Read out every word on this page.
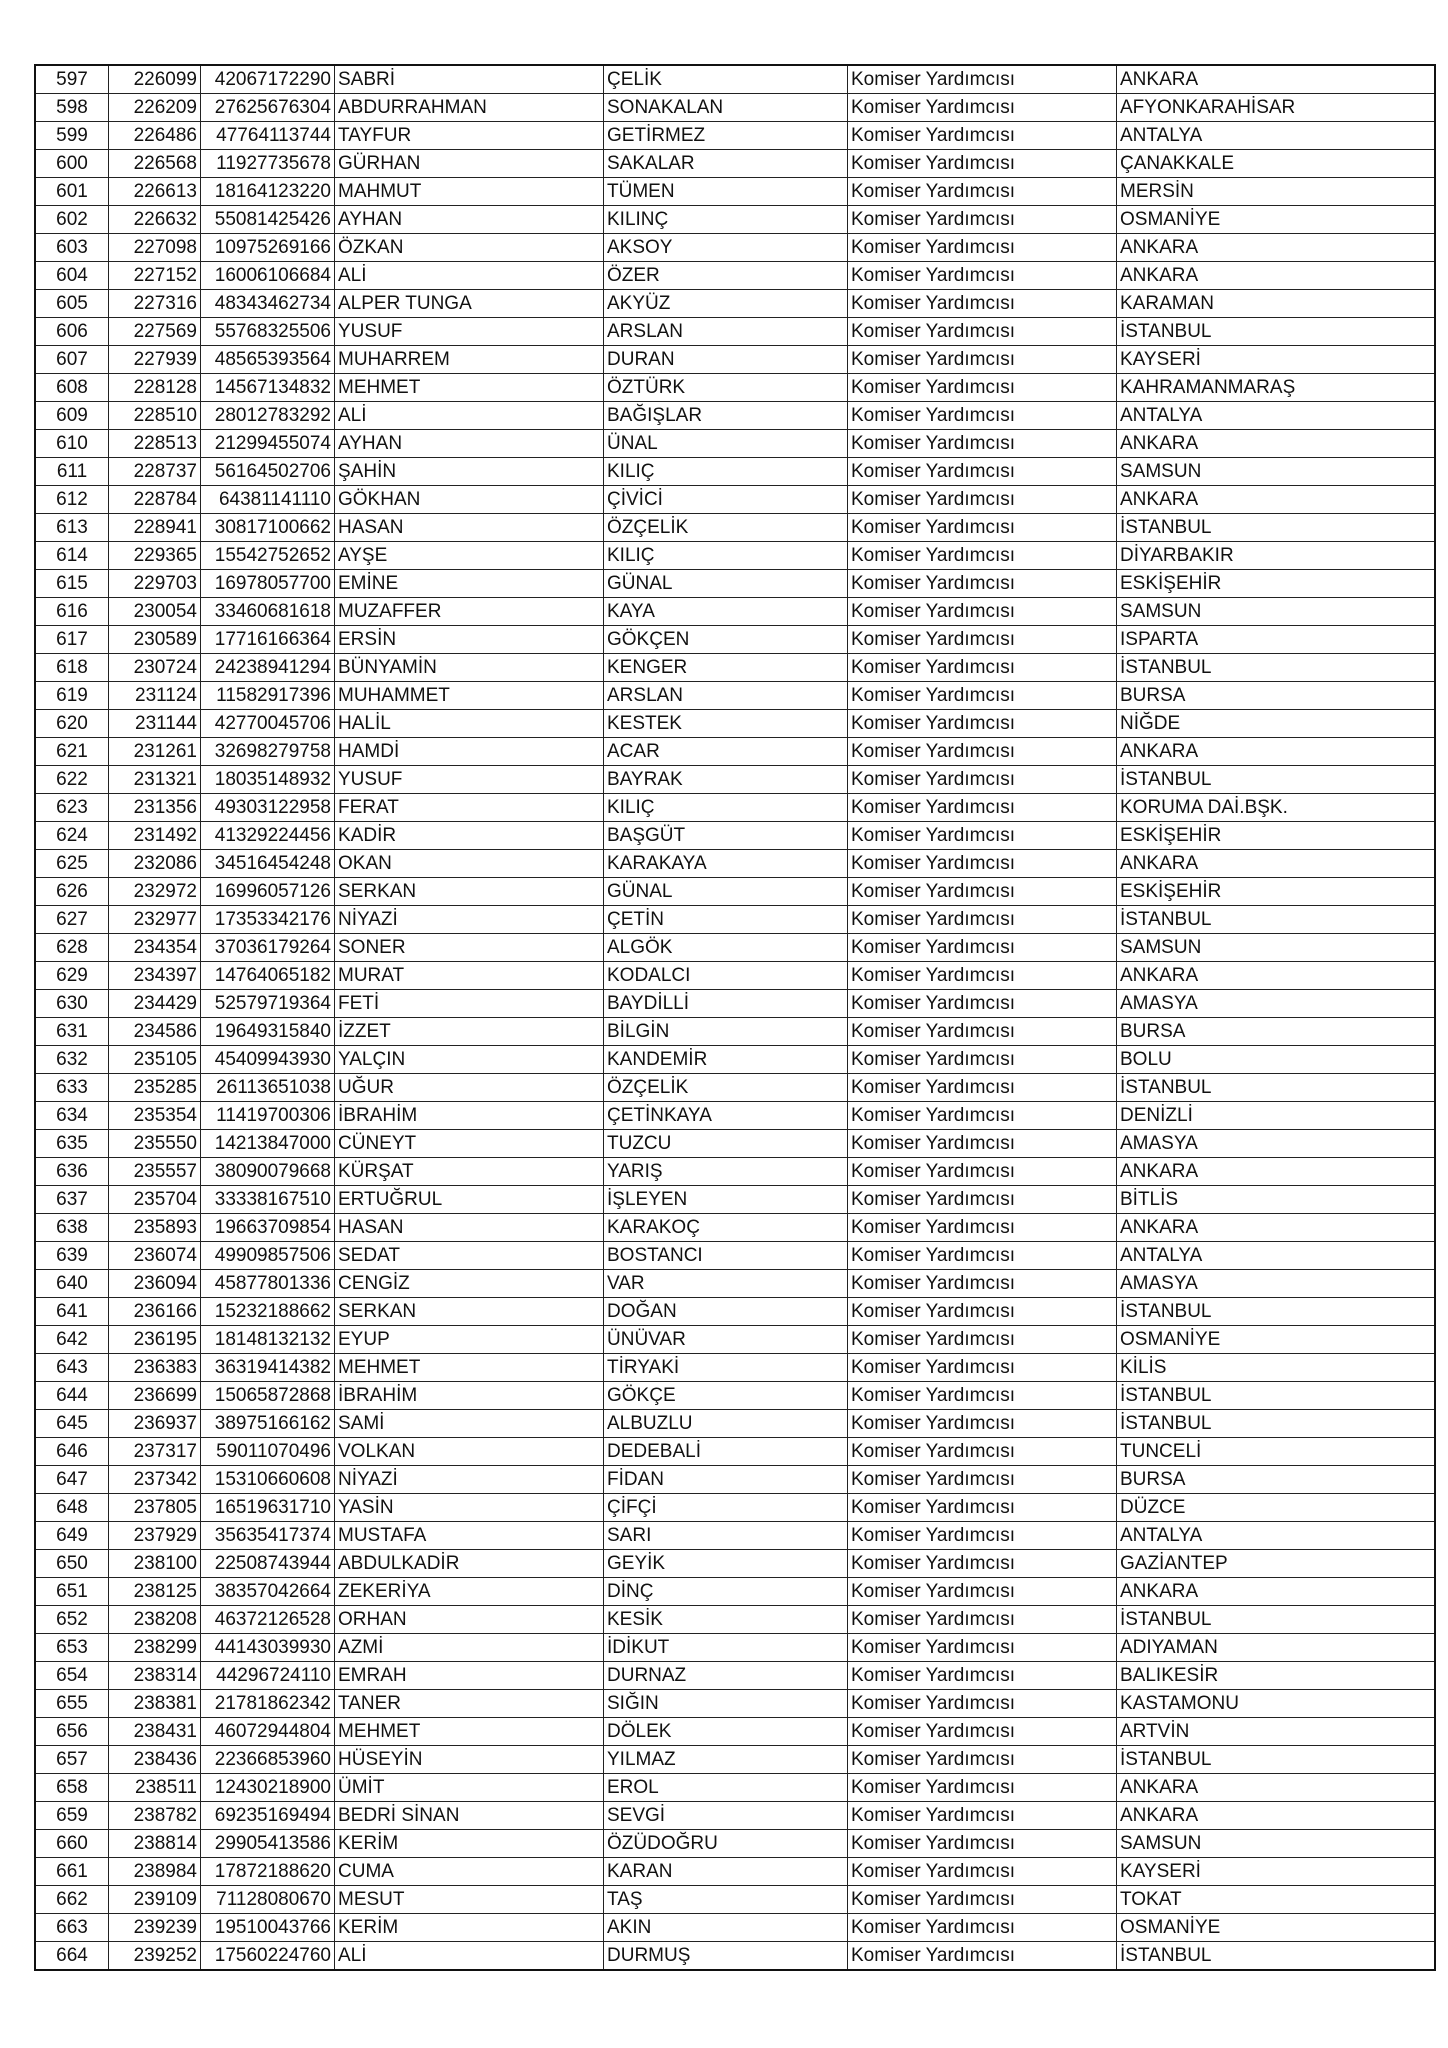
597	226099	42067172290	SABRİ	ÇELİK	Komiser Yardımcısı	ANKARA
598	226209	27625676304	ABDURRAHMAN	SONAKALAN	Komiser Yardımcısı	AFYONKARAHİSAR
599	226486	47764113744	TAYFUR	GETİRMEZ	Komiser Yardımcısı	ANTALYA
600	226568	11927735678	GÜRHAN	SAKALAR	Komiser Yardımcısı	ÇANAKKALE
601	226613	18164123220	MAHMUT	TÜMEN	Komiser Yardımcısı	MERSİN
602	226632	55081425426	AYHAN	KILINÇ	Komiser Yardımcısı	OSMANİYE
603	227098	10975269166	ÖZKAN	AKSOY	Komiser Yardımcısı	ANKARA
604	227152	16006106684	ALİ	ÖZER	Komiser Yardımcısı	ANKARA
605	227316	48343462734	ALPER TUNGA	AKYÜZ	Komiser Yardımcısı	KARAMAN
606	227569	55768325506	YUSUF	ARSLAN	Komiser Yardımcısı	İSTANBUL
607	227939	48565393564	MUHARREM	DURAN	Komiser Yardımcısı	KAYSERİ
608	228128	14567134832	MEHMET	ÖZTÜRK	Komiser Yardımcısı	KAHRAMANMARAŞ
609	228510	28012783292	ALİ	BAĞIŞLAR	Komiser Yardımcısı	ANTALYA
610	228513	21299455074	AYHAN	ÜNAL	Komiser Yardımcısı	ANKARA
611	228737	56164502706	ŞAHİN	KILIÇ	Komiser Yardımcısı	SAMSUN
612	228784	64381141110	GÖKHAN	ÇİVİCİ	Komiser Yardımcısı	ANKARA
613	228941	30817100662	HASAN	ÖZÇELİK	Komiser Yardımcısı	İSTANBUL
614	229365	15542752652	AYŞE	KILIÇ	Komiser Yardımcısı	DİYARBAKIR
615	229703	16978057700	EMİNE	GÜNAL	Komiser Yardımcısı	ESKİŞEHİR
616	230054	33460681618	MUZAFFER	KAYA	Komiser Yardımcısı	SAMSUN
617	230589	17716166364	ERSİN	GÖKÇEN	Komiser Yardımcısı	ISPARTA
618	230724	24238941294	BÜNYAMİN	KENGER	Komiser Yardımcısı	İSTANBUL
619	231124	11582917396	MUHAMMET	ARSLAN	Komiser Yardımcısı	BURSA
620	231144	42770045706	HALİL	KESTEK	Komiser Yardımcısı	NİĞDE
621	231261	32698279758	HAMDİ	ACAR	Komiser Yardımcısı	ANKARA
622	231321	18035148932	YUSUF	BAYRAK	Komiser Yardımcısı	İSTANBUL
623	231356	49303122958	FERAT	KILIÇ	Komiser Yardımcısı	KORUMA DAİ.BŞK.
624	231492	41329224456	KADİR	BAŞGÜT	Komiser Yardımcısı	ESKİŞEHİR
625	232086	34516454248	OKAN	KARAKAYA	Komiser Yardımcısı	ANKARA
626	232972	16996057126	SERKAN	GÜNAL	Komiser Yardımcısı	ESKİŞEHİR
627	232977	17353342176	NİYAZİ	ÇETİN	Komiser Yardımcısı	İSTANBUL
628	234354	37036179264	SONER	ALGÖK	Komiser Yardımcısı	SAMSUN
629	234397	14764065182	MURAT	KODALCI	Komiser Yardımcısı	ANKARA
630	234429	52579719364	FETİ	BAYDİLLİ	Komiser Yardımcısı	AMASYA
631	234586	19649315840	İZZET	BİLGİN	Komiser Yardımcısı	BURSA
632	235105	45409943930	YALÇIN	KANDEMİR	Komiser Yardımcısı	BOLU
633	235285	26113651038	UĞUR	ÖZÇELİK	Komiser Yardımcısı	İSTANBUL
634	235354	11419700306	İBRAHİM	ÇETİNKAYA	Komiser Yardımcısı	DENİZLİ
635	235550	14213847000	CÜNEYT	TUZCU	Komiser Yardımcısı	AMASYA
636	235557	38090079668	KÜRŞAT	YARIŞ	Komiser Yardımcısı	ANKARA
637	235704	33338167510	ERTUĞRUL	İŞLEYEN	Komiser Yardımcısı	BİTLİS
638	235893	19663709854	HASAN	KARAKOÇ	Komiser Yardımcısı	ANKARA
639	236074	49909857506	SEDAT	BOSTANCI	Komiser Yardımcısı	ANTALYA
640	236094	45877801336	CENGİZ	VAR	Komiser Yardımcısı	AMASYA
641	236166	15232188662	SERKAN	DOĞAN	Komiser Yardımcısı	İSTANBUL
642	236195	18148132132	EYUP	ÜNÜVAR	Komiser Yardımcısı	OSMANİYE
643	236383	36319414382	MEHMET	TİRYAKİ	Komiser Yardımcısı	KİLİS
644	236699	15065872868	İBRAHİM	GÖKÇE	Komiser Yardımcısı	İSTANBUL
645	236937	38975166162	SAMİ	ALBUZLU	Komiser Yardımcısı	İSTANBUL
646	237317	59011070496	VOLKAN	DEDEBALİ	Komiser Yardımcısı	TUNCELİ
647	237342	15310660608	NİYAZİ	FİDAN	Komiser Yardımcısı	BURSA
648	237805	16519631710	YASİN	ÇİFÇİ	Komiser Yardımcısı	DÜZCE
649	237929	35635417374	MUSTAFA	SARI	Komiser Yardımcısı	ANTALYA
650	238100	22508743944	ABDULKADİR	GEYİK	Komiser Yardımcısı	GAZİANTEP
651	238125	38357042664	ZEKERİYA	DİNÇ	Komiser Yardımcısı	ANKARA
652	238208	46372126528	ORHAN	KESİK	Komiser Yardımcısı	İSTANBUL
653	238299	44143039930	AZMİ	İDİKUT	Komiser Yardımcısı	ADIYAMAN
654	238314	44296724110	EMRAH	DURNAZ	Komiser Yardımcısı	BALIKESİR
655	238381	21781862342	TANER	SIĞIN	Komiser Yardımcısı	KASTAMONU
656	238431	46072944804	MEHMET	DÖLEK	Komiser Yardımcısı	ARTVİN
657	238436	22366853960	HÜSEYİN	YILMAZ	Komiser Yardımcısı	İSTANBUL
658	238511	12430218900	ÜMİT	EROL	Komiser Yardımcısı	ANKARA
659	238782	69235169494	BEDRİ SİNAN	SEVGİ	Komiser Yardımcısı	ANKARA
660	238814	29905413586	KERİM	ÖZÜDOĞRU	Komiser Yardımcısı	SAMSUN
661	238984	17872188620	CUMA	KARAN	Komiser Yardımcısı	KAYSERİ
662	239109	71128080670	MESUT	TAŞ	Komiser Yardımcısı	TOKAT
663	239239	19510043766	KERİM	AKIN	Komiser Yardımcısı	OSMANİYE
664	239252	17560224760	ALİ	DURMUŞ	Komiser Yardımcısı	İSTANBUL
